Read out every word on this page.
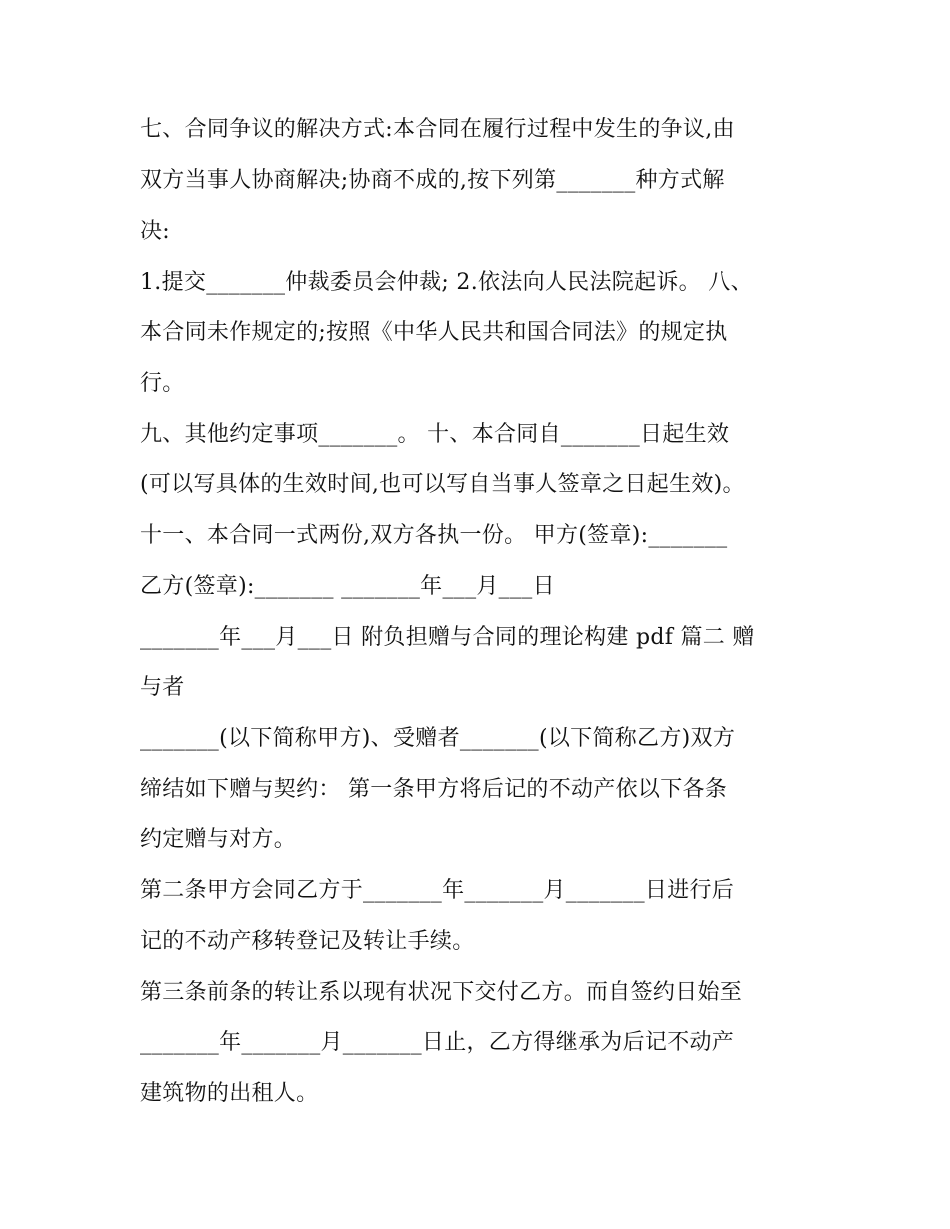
七、合同争议的解决方式:本合同在履行过程中发生的争议,由

双方当事人协商解决;协商不成的,按下列第_______种方式解

决:

1.提交_______仲裁委员会仲裁; 2.依法向人民法院起诉。 八、

本合同未作规定的;按照《中华人民共和国合同法》的规定执

行。

九、其他约定事项_______。 十、本合同自_______日起生效

(可以写具体的生效时间,也可以写自当事人签章之日起生效)。

十一、本合同一式两份,双方各执一份。 甲方(签章):_______

乙方(签章):_______ _______年___月___日

_______年___月___日 附负担赠与合同的理论构建 pdf 篇二 赠

与者

_______(以下简称甲方)、受赠者_______(以下简称乙方)双方

缔结如下赠与契约： 第一条甲方将后记的不动产依以下各条

约定赠与对方。

第二条甲方会同乙方于_______年_______月_______日进行后

记的不动产移转登记及转让手续。

第三条前条的转让系以现有状况下交付乙方。而自签约日始至

_______年_______月_______日止，乙方得继承为后记不动产

建筑物的出租人。
